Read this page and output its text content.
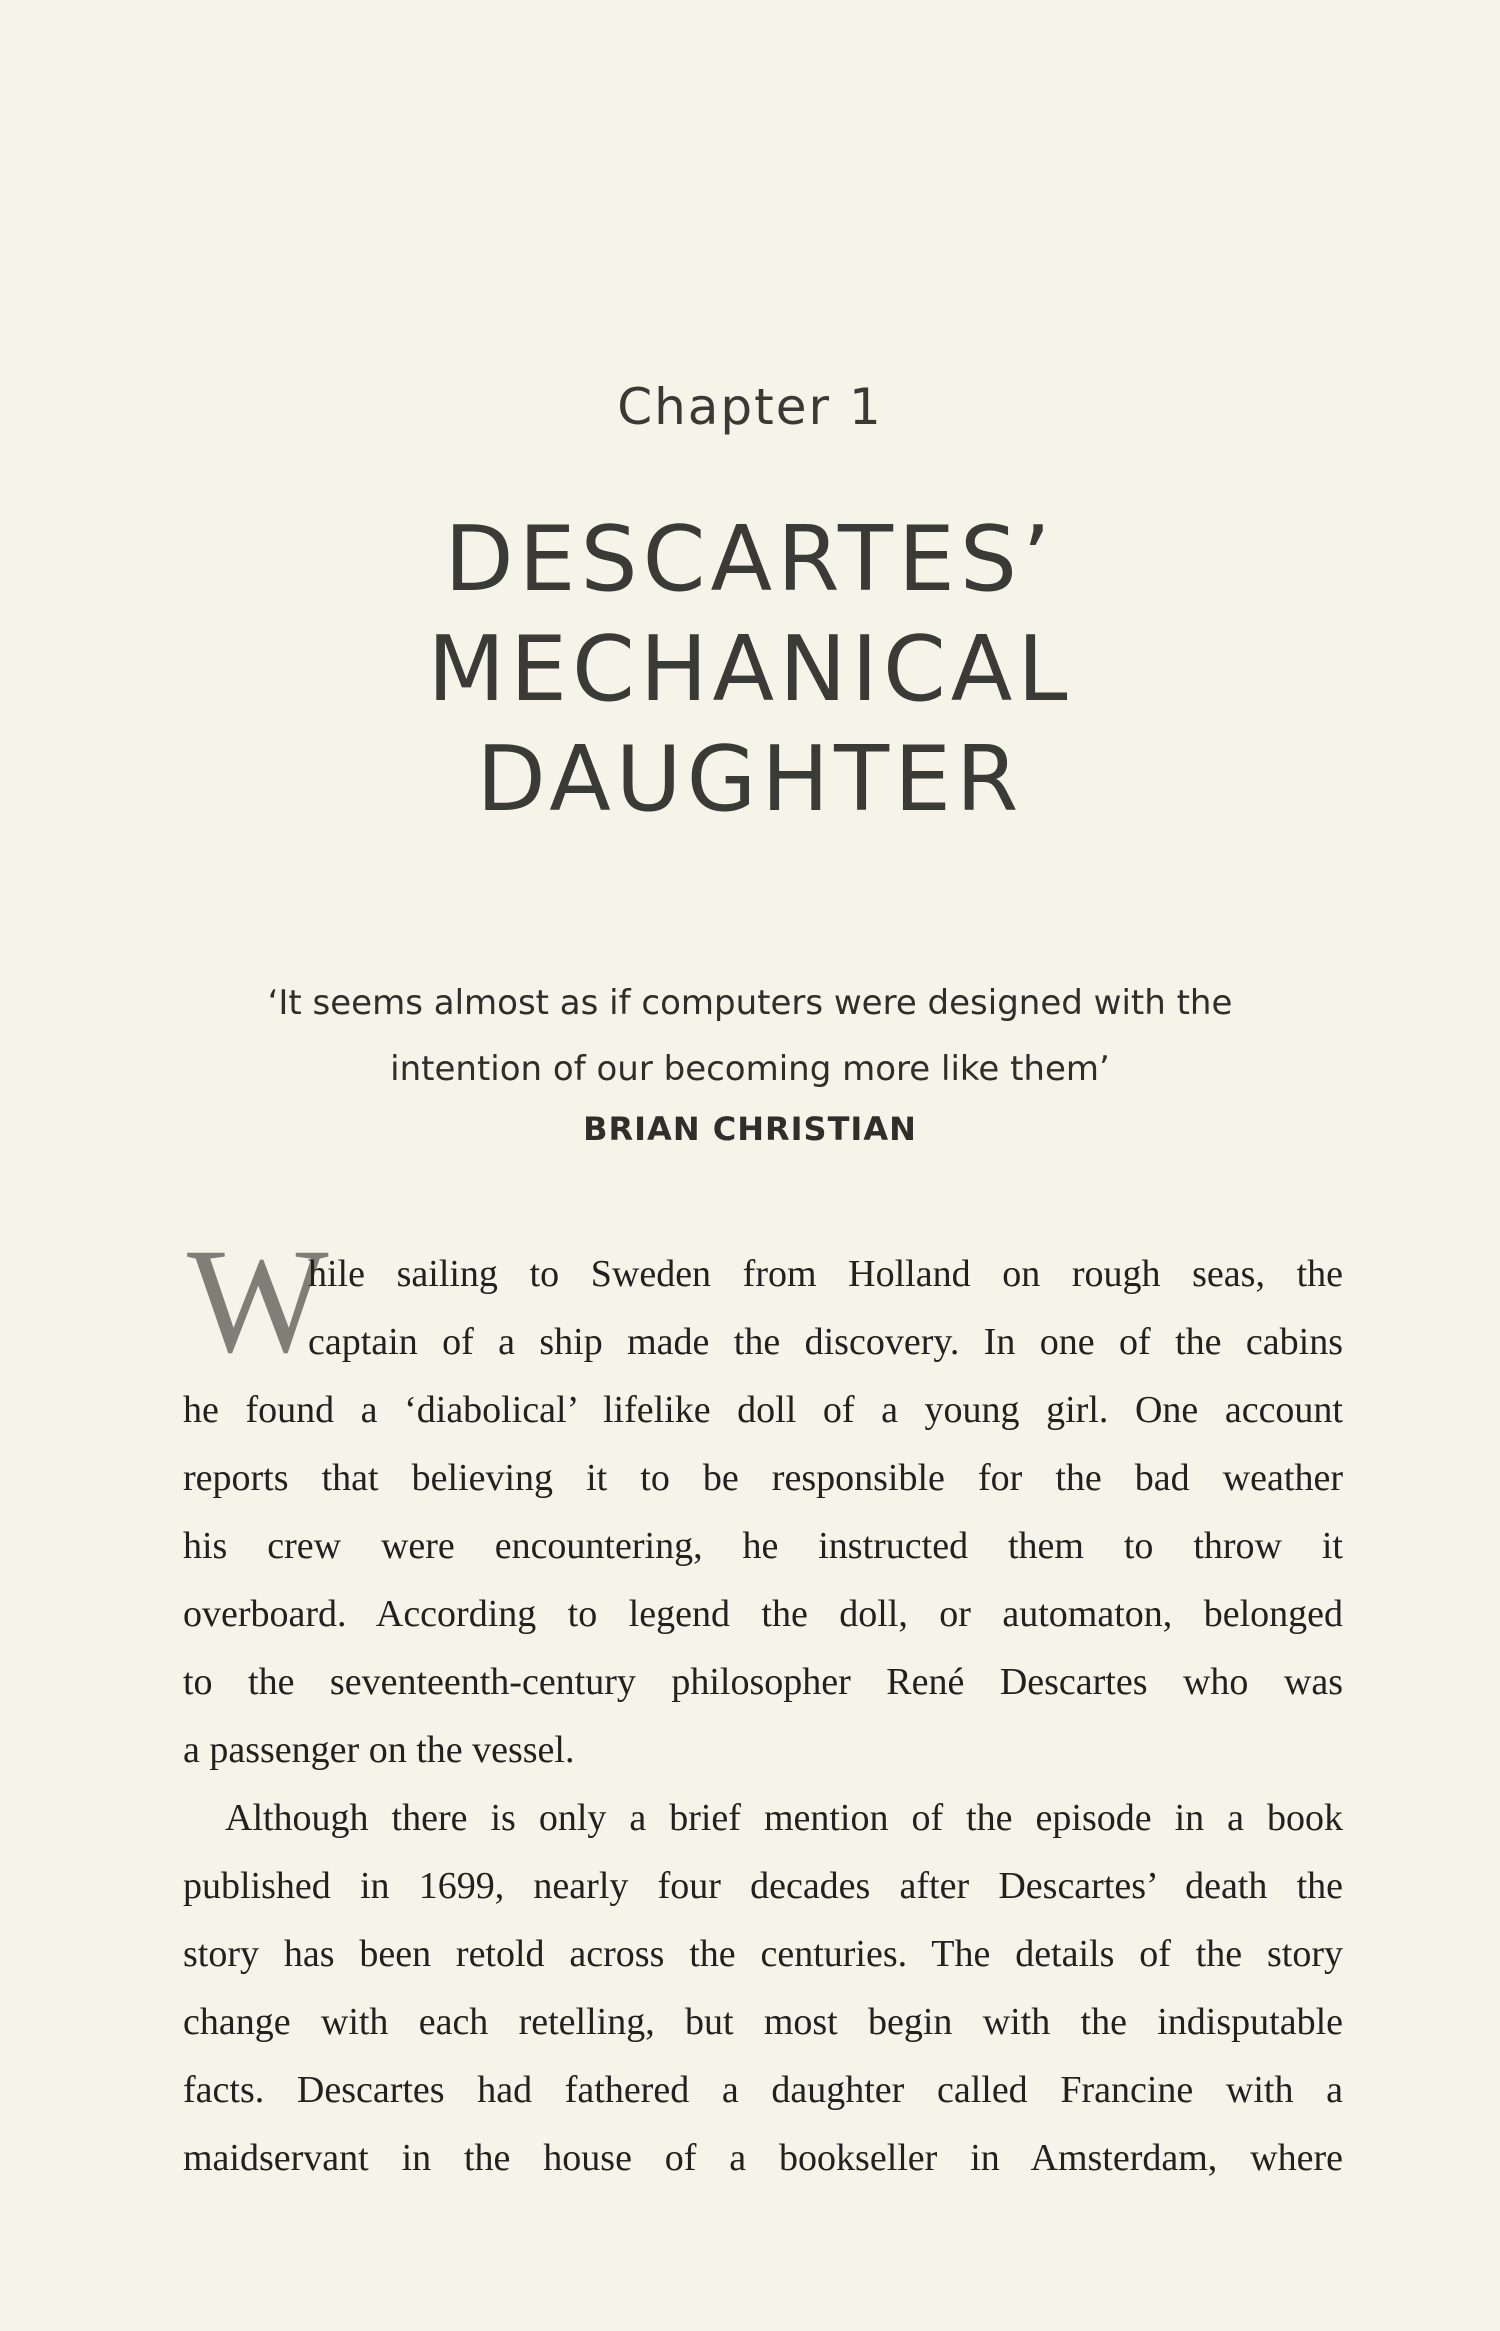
Chapter 1
DESCARTES’
MECHANICAL
DAUGHTER
‘It seems almost as if computers were designed with the
intention of our becoming more like them’
BRIAN CHRISTIAN
W
hile sailing to Sweden from Holland on rough seas, the
captain of a ship made the discovery. In one of the cabins
he found a ‘diabolical’ lifelike doll of a young girl. One account
reports that believing it to be responsible for the bad weather
his crew were encountering, he instructed them to throw it
overboard. According to legend the doll, or automaton, belonged
to the seventeenth-century philosopher René Descartes who was
a passenger on the vessel.
Although there is only a brief mention of the episode in a book
published in 1699, nearly four decades after Descartes’ death the
story has been retold across the centuries. The details of the story
change with each retelling, but most begin with the indisputable
facts. Descartes had fathered a daughter called Francine with a
maidservant in the house of a bookseller in Amsterdam, where
